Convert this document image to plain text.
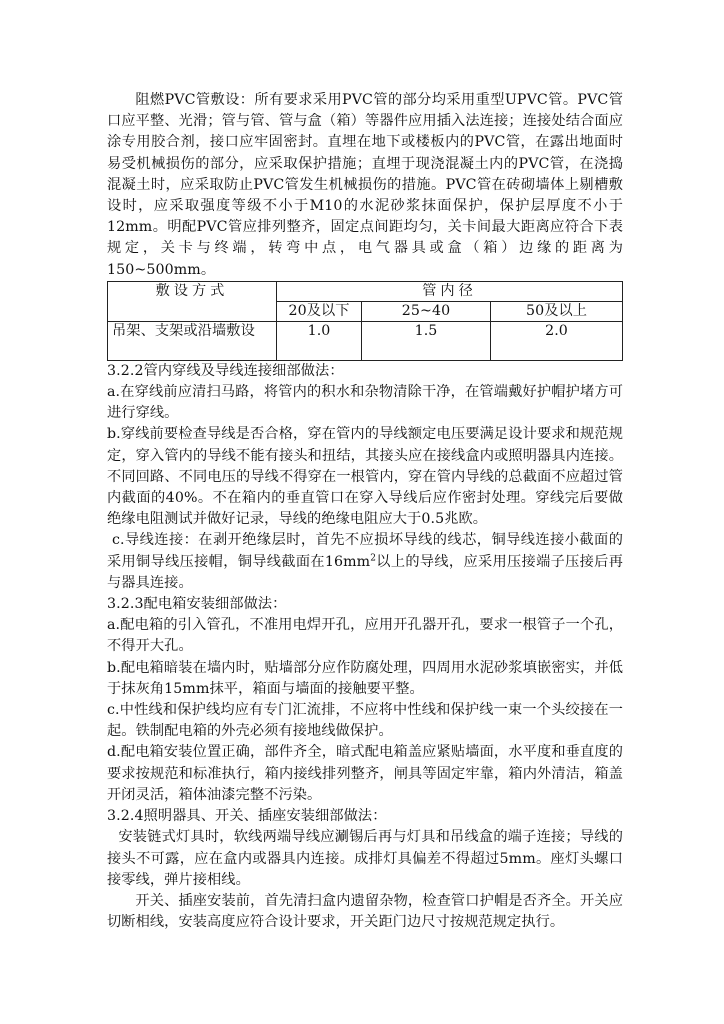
阻燃PVC管敷设：所有要求采用PVC管的部分均采用重型UPVC管。PVC管口应平整、光滑；管与管、管与盒（箱）等器件应用插入法连接；连接处结合面应涂专用胶合剂，接口应牢固密封。直埋在地下或楼板内的PVC管，在露出地面时易受机械损伤的部分，应采取保护措施；直埋于现浇混凝土内的PVC管，在浇捣混凝土时，应采取防止PVC管发生机械损伤的措施。PVC管在砖砌墙体上剔槽敷设时，应采取强度等级不小于M10的水泥砂浆抹面保护，保护层厚度不小于12mm。明配PVC管应排列整齐，固定点间距均匀，关卡间最大距离应符合下表规定，关卡与终端，转弯中点，电气器具或盒（箱）边缘的距离为150~500mm。

敷设方式	管内径		
	20及以下	25~40	50及以上
吊架、支架或沿墙敷设	1.0	1.5	2.0

3.2.2管内穿线及导线连接细部做法：

a.在穿线前应清扫马路，将管内的积水和杂物清除干净，在管端戴好护帽护堵方可进行穿线。

b.穿线前要检查导线是否合格，穿在管内的导线额定电压要满足设计要求和规范规定，穿入管内的导线不能有接头和扭结，其接头应在接线盒内或照明器具内连接。不同回路、不同电压的导线不得穿在一根管内，穿在管内导线的总截面不应超过管内截面的40%。不在箱内的垂直管口在穿入导线后应作密封处理。穿线完后要做绝缘电阻测试并做好记录，导线的绝缘电阻应大于0.5兆欧。

c.导线连接：在剥开绝缘层时，首先不应损坏导线的线芯，铜导线连接小截面的采用铜导线压接帽，铜导线截面在$16mm^2$以上的导线，应采用压接端子压接后再与器具连接。

3.2.3配电箱安装细部做法：

a.配电箱的引入管孔，不准用电焊开孔，应用开孔器开孔，要求一根管子一个孔，不得开大孔。

b.配电箱暗装在墙内时，贴墙部分应作防腐处理，四周用水泥砂浆填嵌密实，并低于抹灰角15mm抹平，箱面与墙面的接触要平整。

c.中性线和保护线均应有专门汇流排，不应将中性线和保护线一束一个头绞接在一起。铁制配电箱的外壳必须有接地线做保护。

d.配电箱安装位置正确，部件齐全，暗式配电箱盖应紧贴墙面，水平度和垂直度的要求按规范和标准执行，箱内接线排列整齐，闸具等固定牢靠，箱内外清洁，箱盖开闭灵活，箱体油漆完整不污染。

3.2.4照明器具、开关、插座安装细部做法：

安装链式灯具时，软线两端导线应涮锡后再与灯具和吊线盒的端子连接；导线的接头不可露，应在盒内或器具内连接。成排灯具偏差不得超过5mm。座灯头螺口接零线，弹片接相线。

开关、插座安装前，首先清扫盒内遗留杂物，检查管口护帽是否齐全。开关应切断相线，安装高度应符合设计要求，开关距门边尺寸按规范规定执行。
